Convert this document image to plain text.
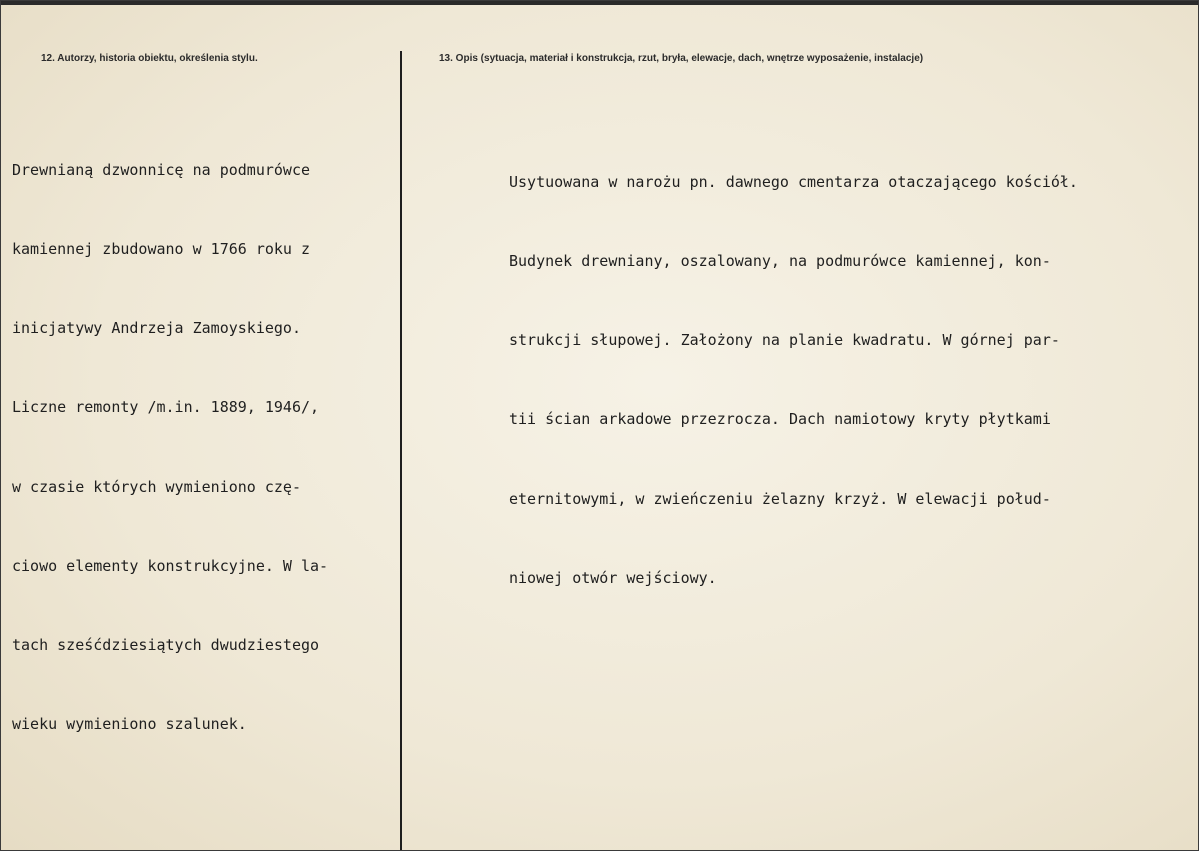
12. Autorzy, historia obiektu, określenia stylu.	13. Opis (sytuacja, materiał i konstrukcja, rzut, bryła, elewacje, dach, wnętrze wyposażenie, instalacje)

Drewnianą dzwonnicę na podmurówce

kamiennej zbudowano w 1766 roku z

inicjatywy Andrzeja Zamoyskiego.

Liczne remonty /m.in. 1889, 1946/,

w czasie których wymieniono czę-

ciowo elementy konstrukcyjne. W la-

tach sześćdziesiątych dwudziestego

wieku wymieniono szalunek.

Usytuowana w narożu pn. dawnego cmentarza otaczającego kościół.

Budynek drewniany, oszalowany, na podmurówce kamiennej, kon-

strukcji słupowej. Założony na planie kwadratu. W górnej par-

tii ścian arkadowe przezrocza. Dach namiotowy kryty płytkami

eternitowymi, w zwieńczeniu żelazny krzyż. W elewacji połud-

niowej otwór wejściowy.
